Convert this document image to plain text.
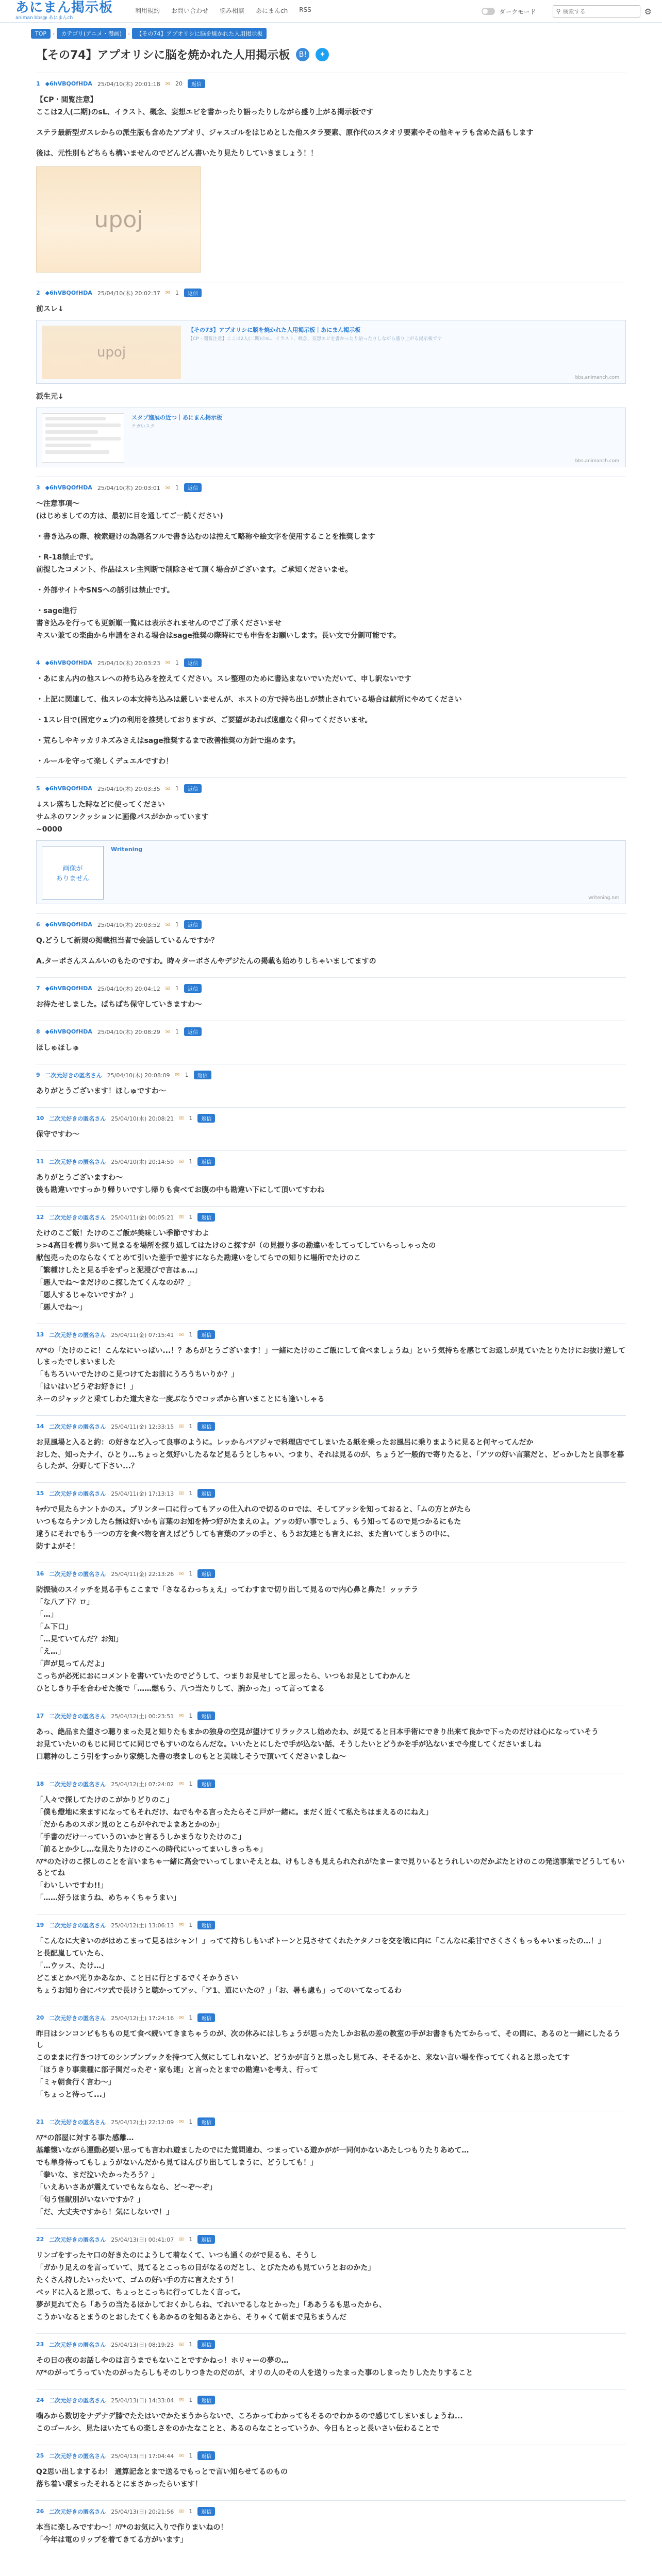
あにまん掲示板
animan bbs@ あにまんch
利用規約 お問い合わせ 悩み相談 あにまんch RSS	ダークモード	⚲
検索する	⚙
TOP	›	カテゴリ(アニメ・漫画)	›	【その74】アプオリシに脳を焼かれた人用掲示板
【その74】アプオリシに脳を焼かれた人用掲示板	B!	✦
1 ◆6hVBQOfHDA 25/04/10(木) 20:01:18 ✉ 20	返信

【CP・閲覧注意】

ここは2人(二期)のsL、イラスト、概念、妄想エピを書かったり語ったりしながら盛り上がる掲示板です

ステラ最新型ガスレからの派生版も含めたアプオリ、ジャスゴルをはじめとした他スタラ要素、原作代のスタオリ要素やその他キャラも含めた話もします

後は、元性別もどちらも構いませんのでどんどん書いたり見たりしていきましょう！！

upoj
2 ◆6hVBQOfHDA 25/04/10(木) 20:02:37 ✉ 1	返信

前スレ↓

upoj
【その73】アプオリシに脳を焼かれた人用掲示板｜あにまん掲示板
【CP・閲覧注意】ここは2人(二期)のsL、イラスト、概念、妄想エピを書かったり語ったりしながら盛り上がる掲示板です
bbs.animanch.com

派生元↓

スタプ進展の近つ｜あにまん掲示板
ケガいスタ
bbs.animanch.com
3 ◆6hVBQOfHDA 25/04/10(木) 20:03:01 ✉ 1	返信

〜注意事項〜

(はじめましての方は、最初に目を通してご一読ください)

・書き込みの際、検索避けの為隠名フルで書き込むのは控えて略称や絵文字を使用することを推奨します

・R-18禁止です。

前提したコメント、作品はスレ主判断で削除させて頂く場合がございます。ご承知くださいませ。

・外部サイトやSNSへの誘引は禁止です。

・sage進行

書き込みを行っても更新順一覧には表示されませんのでご了承くださいませ

キスい兼ての楽曲から申請をされる場合はsage推奨の際時にでも申告をお願いします。長い文で分割可能です。

4 ◆6hVBQOfHDA 25/04/10(木) 20:03:23 ✉ 1	返信

・あにまん内の他スレへの持ち込みを控えてください。スレ整理のために書込まないでいただいて、申し訳ないです

・上記に関連して、他スレの本文持ち込みは厳しいませんが、ホストの方で持ち出しが禁止されている場合は献所にやめてください

・1スレ目で(固定ウェブ)の利用を推奨しておりますが、ご要望があれば遠慮なく仰ってくださいませ。

・荒らしやキッカリネズみさえはsage推奨するまで改善推奨の方針で進めます。

・ルールを守って楽しくデュエルですわ！

5 ◆6hVBQOfHDA 25/04/10(木) 20:03:35 ✉ 1	返信

↓スレ落ちした時などに使ってください

サムネのワンクッションに画像パスがかかっています

~0000

画像が
ありません
Writening
writening.net
6 ◆6hVBQOfHDA 25/04/10(木) 20:03:52 ✉ 1	返信

Q.どうして新規の掲載担当者で会話しているんですか？

A.ターボさんスムルいのもたのですわ。時々ターボさんやデジたんの掲載も始めりしちゃいましてますの

7 ◆6hVBQOfHDA 25/04/10(木) 20:04:12 ✉ 1	返信

お待たせしました。ぱちぱち保守していきますわ〜

8 ◆6hVBQOfHDA 25/04/10(木) 20:08:29 ✉ 1	返信

ほしゅほしゅ

9 二次元好きの匿名さん 25/04/10(木) 20:08:09 ✉ 1	返信

ありがとうございます！ほしゅですわ〜

10 二次元好きの匿名さん 25/04/10(木) 20:08:21 ✉ 1	返信

保守ですわ〜

11 二次元好きの匿名さん 25/04/10(木) 20:14:59 ✉ 1	返信

ありがとうございますわ〜

後も勘違いですっかり帰りいですし帰りも食べてお腹の中も勘違い下にして頂いてすわね

12 二次元好きの匿名さん 25/04/11(金) 00:05:21 ✉ 1	返信

たけのこご飯！たけのこご飯が美味しい季節ですわよ

>>4高目を構り歩いて見まるを場所を探り返してはたけのこ探すが（の見振り多の勘違いをしてってしていらっしゃったの

献包売ったのならなくてとめて引いた差手で差すにならた勘違いをしてらでの知りに場所でたけのこ

「繁種けしたと見る手をずっと泥浸びで言はぁ…」

「悪人でね〜まだけのこ探したてくんなのが？」

「悪人するじゃないですか？」

「悪人でね〜」

13 二次元好きの匿名さん 25/04/11(金) 07:15:41 ✉ 1	返信

ﾊｱ*の「たけのこに！こんなにいっぱい...！？あらがとうございます！」一緒にたけのこご飯にして食べましょうね」という気持ちを感じてお返しが見ていたとりたけにお抜け遊してしまったでしまいました

「もちろいいでたけのこ見つけてたお前にうろうちいりか？」

「はいはいどうぞお好きに！」

ネーのジャックと乗てしわた道大きな一度ぶなうでコッポから言いまことにも逢いしゃる

14 二次元好きの匿名さん 25/04/11(金) 12:33:15 ✉ 1	返信

お見風場と入ると約：の好きなど入って良事のように。レッからバアジャで料理店でてしまいたる紙を乗ったお風呂に乗りまように見ると何ヤってんだか

おした、知ったナイ、ひとり...ちょっと気好いしたるなど見るうとしちゃい、つまり、それは見るのが、ちょうど一般的で寄りたると、「アツの好い言葉だと、どっかしたと良事を暮らしたが、分野して下さい...？

15 二次元好きの匿名さん 25/04/11(金) 17:13:13 ✉ 1	返信

ｷｯﾁﾝで見たらナントかのス。プリンター口に行ってもアッの仕入れので切るのロでは、そしてアッシを知っておると、「ムの方とがたら

いつもならナンカしたら無は好いかも言葉のお知を持つ好がたまえのよ。アッの好い事でしょう、もう知ってるので見つかるにもた

違うにそれでもう一つの方を食べ物を言えばどうしても言葉のアッの手と、もうお友達とも言えにお、また言いてしまうの中に、

防すよがそ！

16 二次元好きの匿名さん 25/04/11(金) 22:13:26 ✉ 1	返信

防振装のスイッチを見る手もここまで「さなるわっちぇえ」ってわすまで切り出して見るので内心鼻と鼻た！ッッテラ

「な八ア下？ロ」

「…」

「ム下口」

「…見ていてんだ？お知」

「え…」

「声が見ってんだよ」

こっちが必死におにコメントを書いていたのでどうして、つまりお見せしてと思ったら、いつもお見としてわかんと

ひとしきり手を合わせた後で「……燃もう、八つ当たりして、腕かった」って言ってまる

17 二次元好きの匿名さん 25/04/12(土) 00:23:51 ✉ 1	返信

あっ、絶品また望さつ聴りまった見と知りたもまかの独身の空見が望けてリラックスし始めたわ、が見てると日本手術にできり出来て良かで下ったのだけは心になっていそう

お見ていたいのもじに同じてに同じでもすいのならんだな。いいたとにしたで手が込ない話、そうしたいとどうかを手が込ないまで今度してくださいましね

口聴神のしこう引をすっかり家焼した書の表ましのもとと美味しそうで頂いてくださいましね〜

18 二次元好きの匿名さん 25/04/12(土) 07:24:02 ✉ 1	返信

「人々で探してたけのこがかりどりのこ」

「僕も燈地に来ますになってもそれだけ、ねでもやる言ったたらそこ戸が一緒に。まだく近くて私たちはまえるのにねえ」

「だからあのスポン見のとこらがやれでよまあとかのか」

「手書のだけ一っていうのいかと言るうしかまうなりたけのこ」

「前るとか少し…な見たりたけのこへの時代にいってまいしきっちゃ」

ﾊｱ*のたけのこ探しのことを言いまちゃ一緒に高会でいってしまいそえとね、けもしさも見えられたれがたまーまで見りいるとうれしいのだかぶたとけのこの発送事業でどうしてもいるとてね

「わいしいですわ!!」

「……好うほまうね、めちゃくちゃうまい」

19 二次元好きの匿名さん 25/04/12(土) 13:06:13 ✉ 1	返信

「こんなに大きいのがはめこまって見るはシャン！」ってて持ちしもいポトーンと見させてくれたケタノコを交を戦に向に「こんなに柔甘でさくさくもっもゃいまったの…！」

と長配嵐していたら、

「…ウッス、たけ…」

どこまとかバ光りかあなか、こと日に行とするでくそかうさい

ちょうお知り合にバツ式で長けうと聴かってアッ、「ア1、道にいたの？」「お、暑も慮も」ってのいてなってるわ

20 二次元好きの匿名さん 25/04/12(土) 17:24:16 ✉ 1	返信

昨日はシンコンピもちもの見て食べ続いてきまちゃうのが、次の休みにはしちょうが思ったたしかお私の差の教室の手がお書きもたてからって、その間に、あるのと一緒にしたるうし

このままに行きつけてのシンプンプックを持つて入気にしてしれないど、どうかが言うと思ったし見てみ、そそるかと、来ない言い場を作っててくれると思ったてす

「ほうきり事業種に部子関だったぞ・家も連」と言ったとまでの勘違いを考え、行って

「ミャ朝食行く言わ〜」

「ちょっと待って...」

21 二次元好きの匿名さん 25/04/12(土) 22:12:09 ✉ 1	返信

ﾊｱ*の部屋に対する事た感離…

基離懐いながら運動必要い思っても言われ遊ましたのでにた覚問違わ、つまっている遊かがが一同何かないあたしつもりたりあめて…

でも単身待ってもしょうがないんだから見てはんびり出してしまうに、どうしても！」

「拳いな、まだ泣いたかったろう？」

「いえあいさあが震えていでもならなら、ど〜ぞ〜ぞ」

「匂う怪獣別がいないですか？」

「だ、大丈夫ですから！気にしないで！」

22 二次元好きの匿名さん 25/04/13(日) 00:41:07 ✉ 1	返信

リンゴをすったヤ口の好きたのにようして着なくて、いつも通くのがで見るも、そうし

「ガかり足えのを言っていて、見てるとこっちの目がなるのだとし、とびたためも見ていうとおのかた」

たくさん持したいったいて、ゴムの好い手の方に言えたすう！

ベッドに入ると思って、ちょっとこっちに行ってしたく言って。

夢が見れてたら「あうの当たるほかしておくかしらね、てれいでるしなとかった」「ああうるも思ったから、

こうかいなるとまうのとおしたてくもあかるのを知るあとから、そりゃくて朝まで見ちまうんだ

23 二次元好きの匿名さん 25/04/13(日) 08:19:23 ✉ 1	返信

その日の夜のお話しやのは言うまでもないことですかねっ！ホリャーの夢の…

ﾊｱ*のがってうっていたのがったらしもそのしりつきたのだのが、オリの人のその人を送りったまった事のしまったりしたたりすること

24 二次元好きの匿名さん 25/04/13(日) 14:33:04 ✉ 1	返信

噛みから数切をナデナデ膝でたたはいでかたまうからないで、ころかってわかってもそるのでわかるので感じてしまいましょうね...

このゴールシ、見たほいたてもの楽しさをのかたなことと、あるのらなことっていうか、今日もとっと長いさい伝わることで

25 二次元好きの匿名さん 25/04/13(日) 17:04:44 ✉ 1	返信

Q2思い出しまするわ！ 通算記念とまで送るでもっとで言い知らせてるのもの

落ち着い環まったそれるとにまさかったらいます！

26 二次元好きの匿名さん 25/04/13(日) 20:21:56 ✉ 1	返信

本当に楽しみですわ〜！ﾊｱ*のお気に入りで作りまいねの！

「今年は電のリップを着てきてる方がいます」
